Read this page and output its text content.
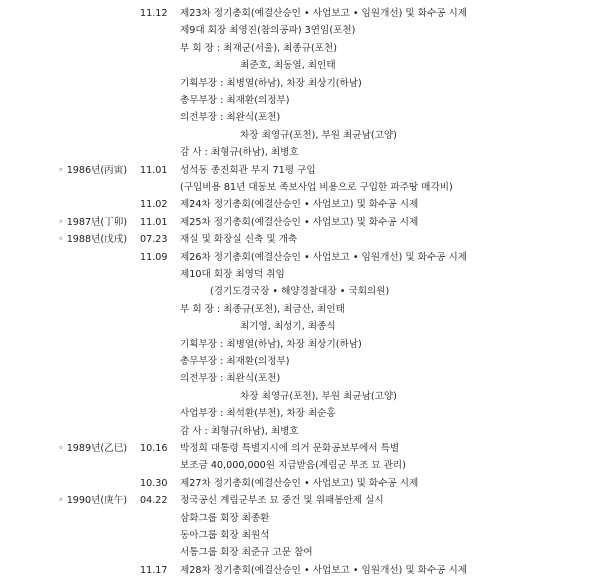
11.12 제23차 정기총회(예결산승인 • 사업보고 • 임원개선) 및 화수공 시제
제9대 회장 최영진(참의공파) 3연임(포천)
부 회 장 : 최재군(서울), 최종규(포천)
최준호, 최동열, 최인태
기획부장 : 최병열(하남), 차장 최상기(하남)
총무부장 : 최재환(의정부)
의전부장 : 최완식(포천)
차장 최영규(포천), 부원 최균남(고양)
감 사 : 최형규(하남), 최병호
◦ 1986년(丙寅)	11.01 성석동 종진회관 부지 71평 구입
(구입비용 81년 대동보 족보사업 비용으로 구입한 파주땅 매각비)
11.02 제24차 정기총회(예결산승인 • 사업보고) 및 화수공 시제
◦ 1987년(丁卯)	11.01 제25차 정기총회(예결산승인 • 사업보고) 및 화수공 시제
◦ 1988년(戊戌)	07.23 재실 및 화장실 신축 및 개축
11.09 제26차 정기총회(예결산승인 • 사업보고 • 임원개선) 및 화수공 시제
제10대 회장 최영덕 취임
(경기도경국장 • 해양경찰대장 • 국회의원)
부 회 장 : 최종규(포천), 최금산, 최인태
최기영, 최성기, 최종식
기획부장 : 최병열(하남), 차장 최상기(하남)
총무부장 : 최재환(의정부)
의전부장 : 최완식(포천)
차장 최영규(포천), 부원 최균남(고양)
사업부장 : 최석환(부천), 차장 최순홍
감 사 : 최형규(하남), 최병호
◦ 1989년(乙巳)	10.16 박정희 대통령 특별지시에 의거 문화공보부에서 특별
보조금 40,000,000원 지급받음(계림군 부조 묘 관리)
10.30 제27차 정기총회(예결산승인 • 사업보고) 및 화수공 시제
◦ 1990년(庚午)	04.22 정국공신 계림군부조 묘 중건 및 위패봉안제 실시
삼화그룹 회장 최종환
동아그룹 회장 최원석
서통그룹 회장 최준규 고문 참여
11.17 제28차 정기총회(예결산승인 • 사업보고 • 임원개선) 및 화수공 시제
